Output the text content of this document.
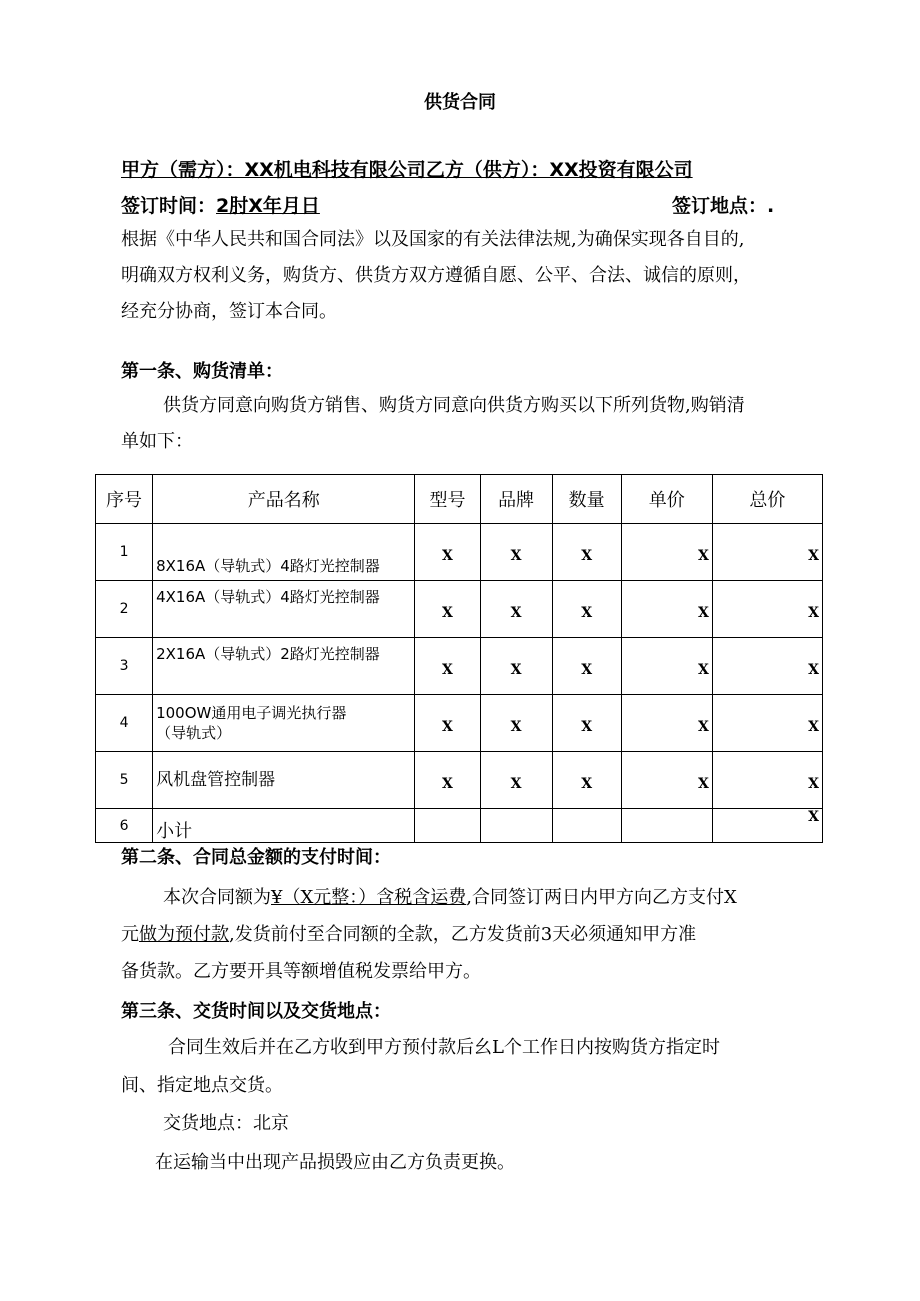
供货合同
甲方（需方）：XX机电科技有限公司乙方（供方）：XX投资有限公司
签订时间：2肘X年月日	签订地点：.
根据《中华人民共和国合同法》以及国家的有关法律法规,为确保实现各自目的,
明确双方权利义务，购货方、供货方双方遵循自愿、公平、合法、诚信的原则，
经充分协商，签订本合同。
第一条、购货清单：
供货方同意向购货方销售、购货方同意向供货方购买以下所列货物,购销清
单如下：
序号	产品名称	型号	品牌	数量	单价	总价
1	8X16A（导轨式）4路灯光控制器	X	X	X	X	X
2	4X16A（导轨式）4路灯光控制器	X	X	X	X	X
3	2X16A（导轨式）2路灯光控制器	X	X	X	X	X
4	100OW通用电子调光执行器
（导轨式）	X	X	X	X	X
5	风机盘管控制器	X	X	X	X	X
6	小计					X
第二条、合同总金额的支付时间：
本次合同额为¥（X元整：）含税含运费,合同签订两日内甲方向乙方支付X
元做为预付款,发货前付至合同额的全款，乙方发货前3天必须通知甲方准
备货款。乙方要开具等额增值税发票给甲方。
第三条、交货时间以及交货地点：
合同生效后并在乙方收到甲方预付款后幺L个工作日内按购货方指定时
间、指定地点交货。
交货地点：北京
在运输当中出现产品损毁应由乙方负责更换。
